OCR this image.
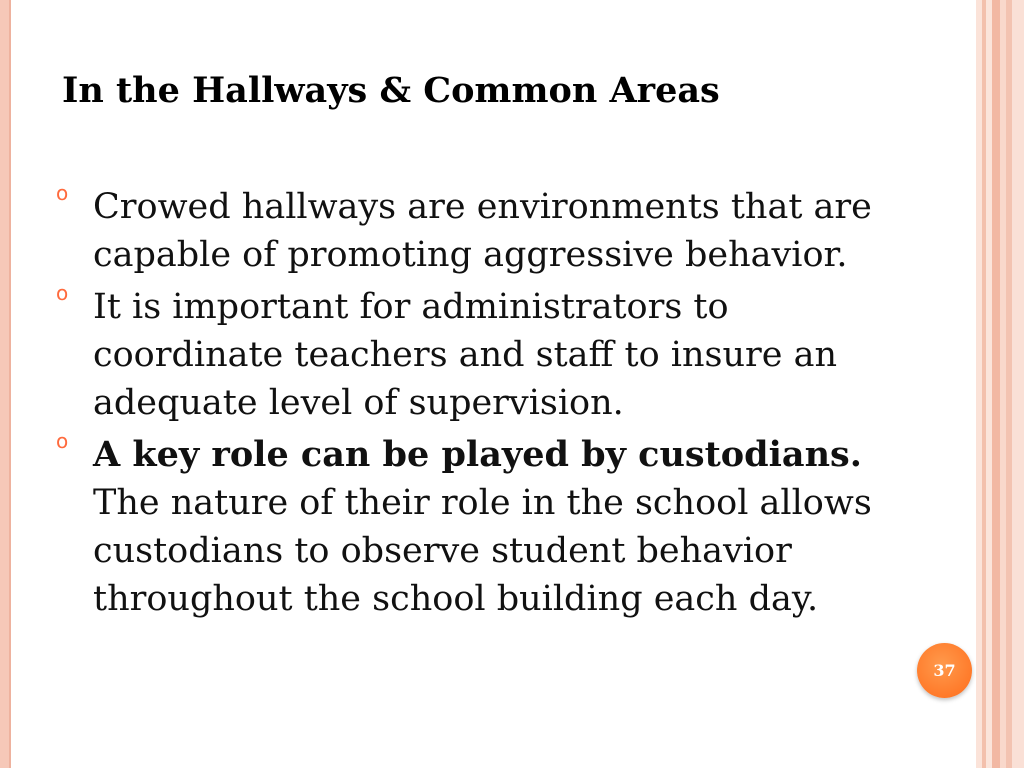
In the Hallways & Common Areas
o Crowed hallways are environments that are capable of promoting aggressive behavior.
o It is important for administrators to coordinate teachers and staff to insure an adequate level of supervision.
o A key role can be played by custodians. The nature of their role in the school allows custodians to observe student behavior throughout the school building each day.
37
